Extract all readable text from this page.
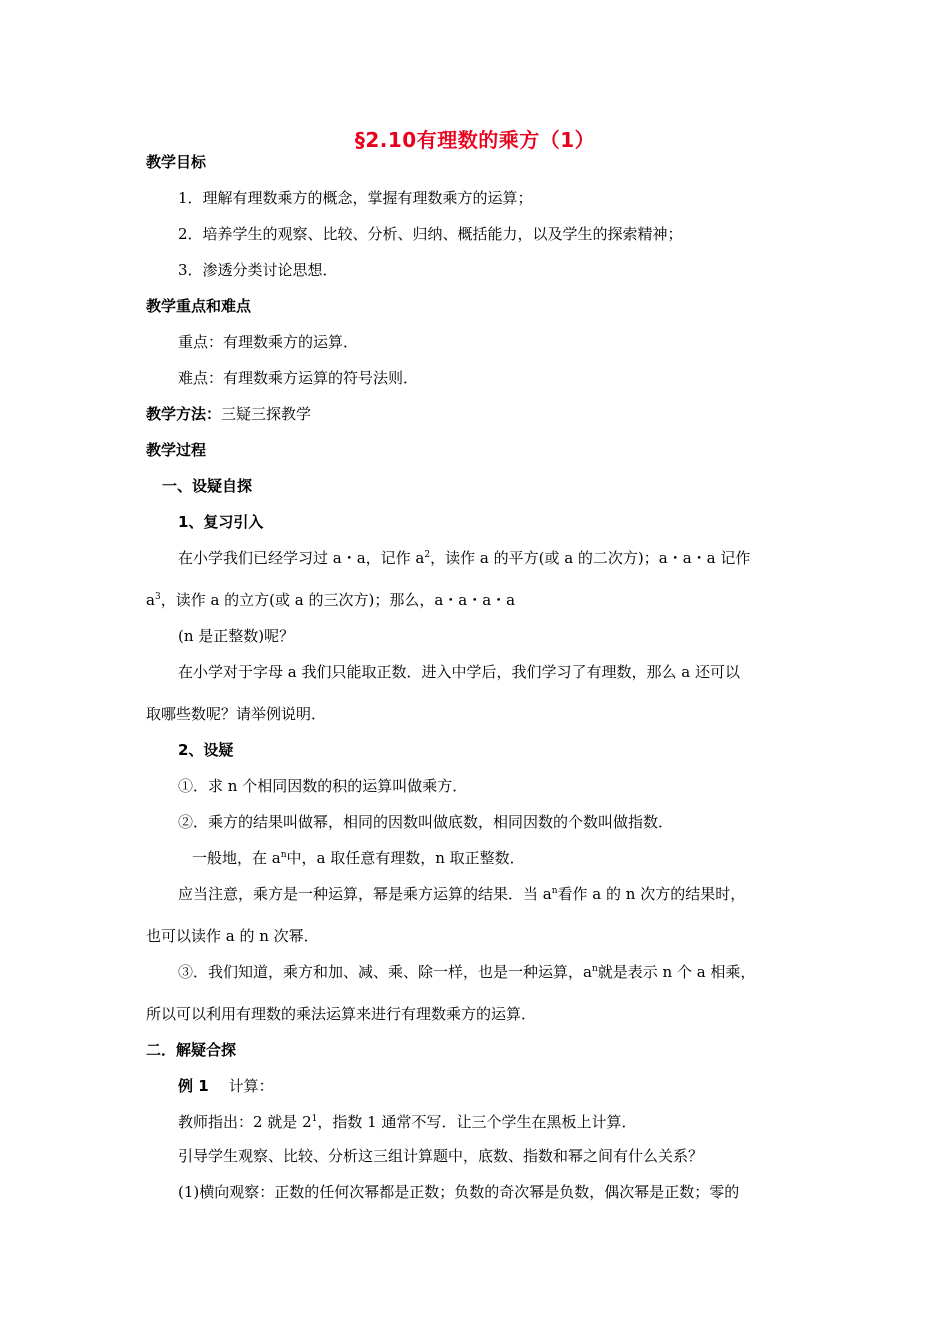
§2.10有理数的乘方（1）
教学目标
1．理解有理数乘方的概念，掌握有理数乘方的运算；
2．培养学生的观察、比较、分析、归纳、概括能力，以及学生的探索精神；
3．渗透分类讨论思想．
教学重点和难点
重点：有理数乘方的运算．
难点：有理数乘方运算的符号法则．
教学方法：三疑三探教学
教学过程
一、设疑自探
1、复习引入
在小学我们已经学习过 a・a，记作 $a^2$，读作 a 的平方(或 a 的二次方)；a・a・a 记作
$a^3$，读作 a 的立方(或 a 的三次方)；那么，a・a・a・a
(n 是正整数)呢？
在小学对于字母 a 我们只能取正数．进入中学后，我们学习了有理数，那么 a 还可以
取哪些数呢？请举例说明．
2、设疑
①．求 n 个相同因数的积的运算叫做乘方．
②．乘方的结果叫做幂，相同的因数叫做底数，相同因数的个数叫做指数．
一般地，在 $a^n$中，a 取任意有理数，n 取正整数．
应当注意，乘方是一种运算，幂是乘方运算的结果．当 $a^n$看作 a 的 n 次方的结果时，
也可以读作 a 的 n 次幂．
③．我们知道，乘方和加、减、乘、除一样，也是一种运算，$a^n$就是表示 n 个 a 相乘，
所以可以利用有理数的乘法运算来进行有理数乘方的运算．
二．解疑合探
例 1 计算：
教师指出：2 就是 $2^1$，指数 1 通常不写．让三个学生在黑板上计算．
引导学生观察、比较、分析这三组计算题中，底数、指数和幂之间有什么关系？
(1)横向观察：正数的任何次幂都是正数；负数的奇次幂是负数，偶次幂是正数；零的
